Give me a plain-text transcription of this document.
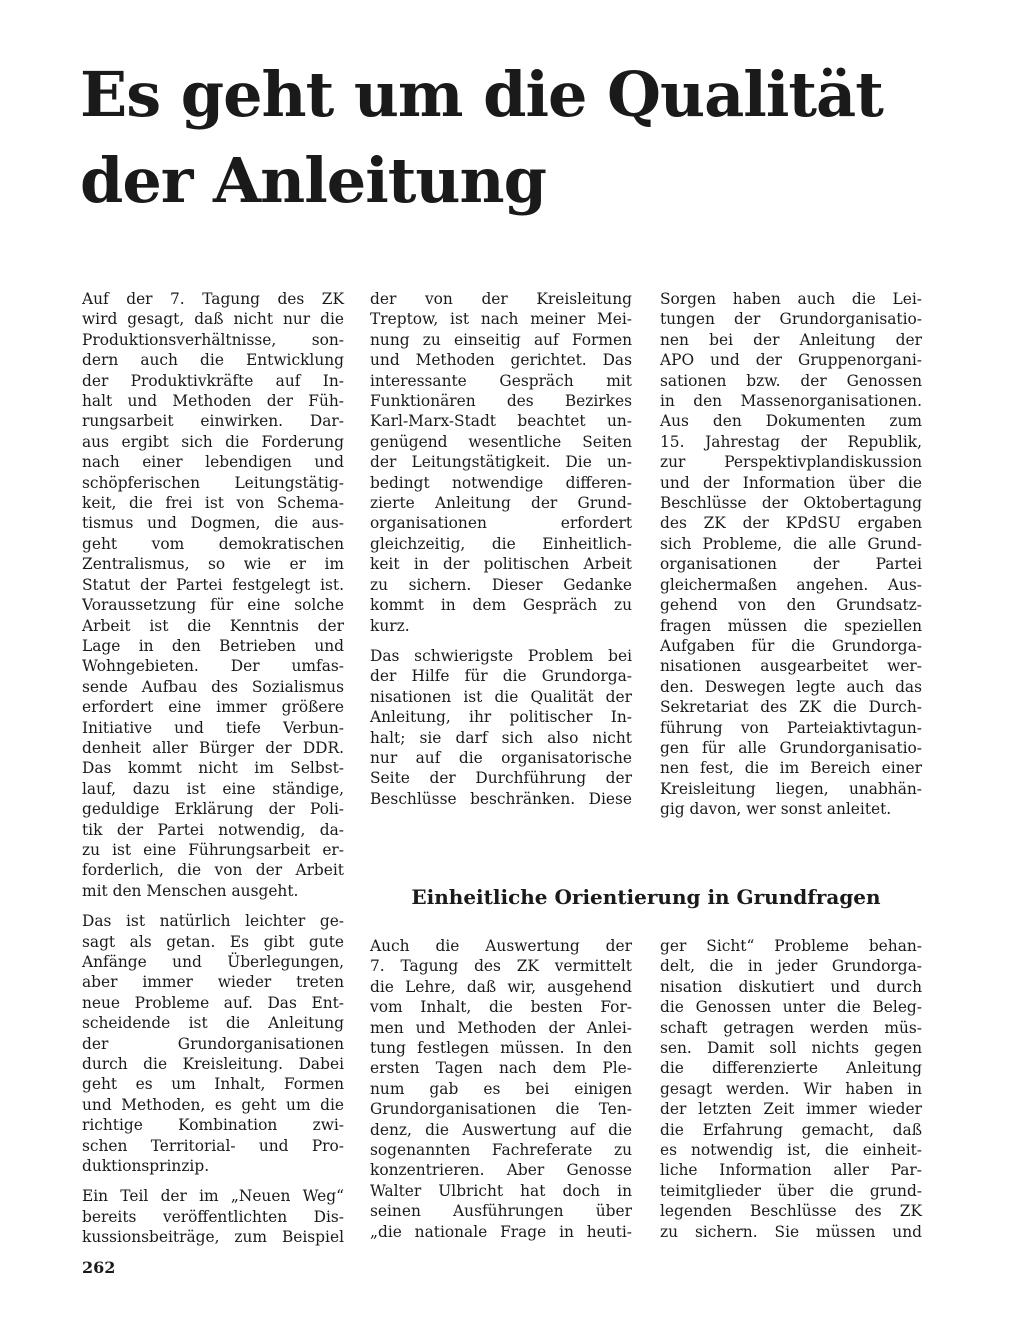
Es geht um die Qualität
der Anleitung

Auf der 7. Tagung des ZK
wird gesagt, daß nicht nur die
Produktionsverhältnisse, son-
dern auch die Entwicklung
der Produktivkräfte auf In-
halt und Methoden der Füh-
rungsarbeit einwirken. Dar-
aus ergibt sich die Forderung
nach einer lebendigen und
schöpferischen Leitungstätig-
keit, die frei ist von Schema-
tismus und Dogmen, die aus-
geht vom demokratischen
Zentralismus, so wie er im
Statut der Partei festgelegt ist.
Voraussetzung für eine solche
Arbeit ist die Kenntnis der
Lage in den Betrieben und
Wohngebieten. Der umfas-
sende Aufbau des Sozialismus
erfordert eine immer größere
Initiative und tiefe Verbun-
denheit aller Bürger der DDR.
Das kommt nicht im Selbst-
lauf, dazu ist eine ständige,
geduldige Erklärung der Poli-
tik der Partei notwendig, da-
zu ist eine Führungsarbeit er-
forderlich, die von der Arbeit
mit den Menschen ausgeht.

Das ist natürlich leichter ge-
sagt als getan. Es gibt gute
Anfänge und Überlegungen,
aber immer wieder treten
neue Probleme auf. Das Ent-
scheidende ist die Anleitung
der Grundorganisationen
durch die Kreisleitung. Dabei
geht es um Inhalt, Formen
und Methoden, es geht um die
richtige Kombination zwi-
schen Territorial- und Pro-
duktionsprinzip.

Ein Teil der im „Neuen Weg“
bereits veröffentlichten Dis-
kussionsbeiträge, zum Beispiel

der von der Kreisleitung
Treptow, ist nach meiner Mei-
nung zu einseitig auf Formen
und Methoden gerichtet. Das
interessante Gespräch mit
Funktionären des Bezirkes
Karl-Marx-Stadt beachtet un-
genügend wesentliche Seiten
der Leitungstätigkeit. Die un-
bedingt notwendige differen-
zierte Anleitung der Grund-
organisationen erfordert
gleichzeitig, die Einheitlich-
keit in der politischen Arbeit
zu sichern. Dieser Gedanke
kommt in dem Gespräch zu
kurz.

Das schwierigste Problem bei
der Hilfe für die Grundorga-
nisationen ist die Qualität der
Anleitung, ihr politischer In-
halt; sie darf sich also nicht
nur auf die organisatorische
Seite der Durchführung der
Beschlüsse beschränken. Diese

Sorgen haben auch die Lei-
tungen der Grundorganisatio-
nen bei der Anleitung der
APO und der Gruppenorgani-
sationen bzw. der Genossen
in den Massenorganisationen.
Aus den Dokumenten zum
15. Jahrestag der Republik,
zur Perspektivplandiskussion
und der Information über die
Beschlüsse der Oktobertagung
des ZK der KPdSU ergaben
sich Probleme, die alle Grund-
organisationen der Partei
gleichermaßen angehen. Aus-
gehend von den Grundsatz-
fragen müssen die speziellen
Aufgaben für die Grundorga-
nisationen ausgearbeitet wer-
den. Deswegen legte auch das
Sekretariat des ZK die Durch-
führung von Parteiaktivtagun-
gen für alle Grundorganisatio-
nen fest, die im Bereich einer
Kreisleitung liegen, unabhän-
gig davon, wer sonst anleitet.

Einheitliche Orientierung in Grundfragen

Auch die Auswertung der
7. Tagung des ZK vermittelt
die Lehre, daß wir, ausgehend
vom Inhalt, die besten For-
men und Methoden der Anlei-
tung festlegen müssen. In den
ersten Tagen nach dem Ple-
num gab es bei einigen
Grundorganisationen die Ten-
denz, die Auswertung auf die
sogenannten Fachreferate zu
konzentrieren. Aber Genosse
Walter Ulbricht hat doch in
seinen Ausführungen über
„die nationale Frage in heuti-

ger Sicht“ Probleme behan-
delt, die in jeder Grundorga-
nisation diskutiert und durch
die Genossen unter die Beleg-
schaft getragen werden müs-
sen. Damit soll nichts gegen
die differenzierte Anleitung
gesagt werden. Wir haben in
der letzten Zeit immer wieder
die Erfahrung gemacht, daß
es notwendig ist, die einheit-
liche Information aller Par-
teimitglieder über die grund-
legenden Beschlüsse des ZK
zu sichern. Sie müssen und

262
